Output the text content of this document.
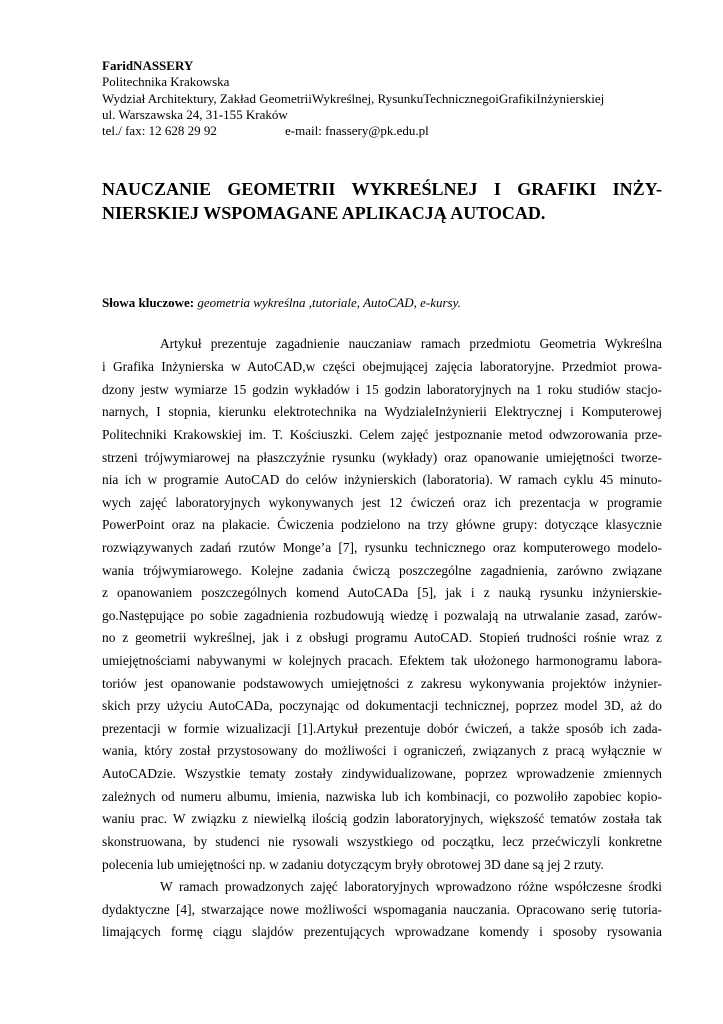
FaridNASSERY
Politechnika Krakowska
Wydział Architektury, Zakład GeometriiWykreślnej, RysunkuTechnicznegoiGrafikiInżynierskiej
ul. Warszawska 24, 31-155 Kraków
tel./ fax: 12 628 29 92	e-mail: fnassery@pk.edu.pl
NAUCZANIE GEOMETRII WYKREŚLNEJ I GRAFIKI INŻY-
NIERSKIEJ WSPOMAGANE APLIKACJĄ AUTOCAD.
Słowa kluczowe: geometria wykreślna ,tutoriale, AutoCAD, e-kursy.
Artykuł prezentuje zagadnienie nauczaniaw ramach przedmiotu Geometria Wykreślna
i Grafika Inżynierska w AutoCAD,w części obejmującej zajęcia laboratoryjne. Przedmiot prowa-
dzony jestw wymiarze 15 godzin wykładów i 15 godzin laboratoryjnych na 1 roku studiów stacjo-
narnych, I stopnia, kierunku elektrotechnika na WydzialeInżynierii Elektrycznej i Komputerowej
Politechniki Krakowskiej im. T. Kościuszki. Celem zajęć jestpoznanie metod odwzorowania prze-
strzeni trójwymiarowej na płaszczyźnie rysunku (wykłady) oraz opanowanie umiejętności tworze-
nia ich w programie AutoCAD do celów inżynierskich (laboratoria). W ramach cyklu 45 minuto-
wych zajęć laboratoryjnych wykonywanych jest 12 ćwiczeń oraz ich prezentacja w programie
PowerPoint oraz na plakacie. Ćwiczenia podzielono na trzy główne grupy: dotyczące klasycznie
rozwiązywanych zadań rzutów Monge’a [7], rysunku technicznego oraz komputerowego modelo-
wania trójwymiarowego. Kolejne zadania ćwiczą poszczególne zagadnienia, zarówno związane
z opanowaniem poszczególnych komend AutoCADa [5], jak i z nauką rysunku inżynierskie-
go.Następujące po sobie zagadnienia rozbudowują wiedzę i pozwalają na utrwalanie zasad, zarów-
no z geometrii wykreślnej, jak i z obsługi programu AutoCAD. Stopień trudności rośnie wraz z
umiejętnościami nabywanymi w kolejnych pracach. Efektem tak ułożonego harmonogramu labora-
toriów jest opanowanie podstawowych umiejętności z zakresu wykonywania projektów inżynier-
skich przy użyciu AutoCADa, poczynając od dokumentacji technicznej, poprzez model 3D, aż do
prezentacji w formie wizualizacji [1].Artykuł prezentuje dobór ćwiczeń, a także sposób ich zada-
wania, który został przystosowany do możliwości i ograniczeń, związanych z pracą wyłącznie w
AutoCADzie. Wszystkie tematy zostały zindywidualizowane, poprzez wprowadzenie zmiennych
zależnych od numeru albumu, imienia, nazwiska lub ich kombinacji, co pozwoliło zapobiec kopio-
waniu prac. W związku z niewielką ilością godzin laboratoryjnych, większość tematów została tak
skonstruowana, by studenci nie rysowali wszystkiego od początku, lecz przećwiczyli konkretne
polecenia lub umiejętności np. w zadaniu dotyczącym bryły obrotowej 3D dane są jej 2 rzuty.
W ramach prowadzonych zajęć laboratoryjnych wprowadzono różne współczesne środki
dydaktyczne [4], stwarzające nowe możliwości wspomagania nauczania. Opracowano serię tutoria-
limających formę ciągu slajdów prezentujących wprowadzane komendy i sposoby rysowania
